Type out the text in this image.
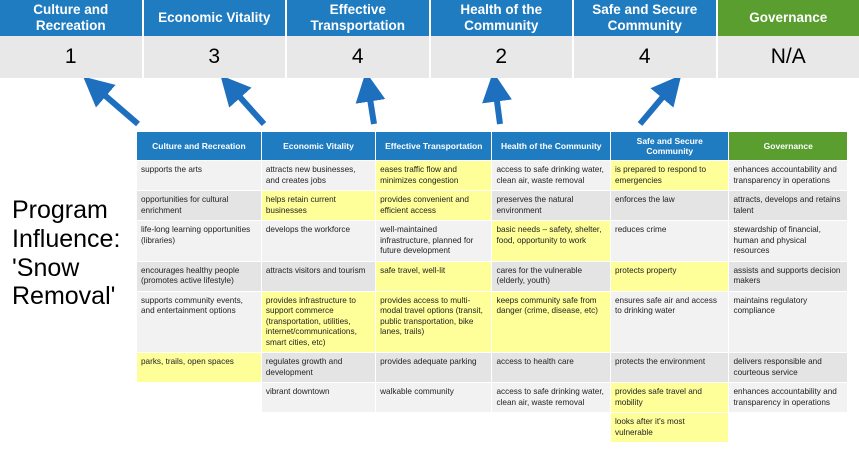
Culture and Recreation
Economic Vitality
Effective Transportation
Health of the Community
Safe and Secure Community
Governance
1	3	4	2	4	N/A
Program
Influence:
'Snow
Removal'
Culture and Recreation	Economic Vitality	Effective Transportation	Health of the Community	Safe and Secure Community	Governance
supports the arts	attracts new businesses, and creates jobs	eases traffic flow and minimizes congestion	access to safe drinking water, clean air, waste removal	is prepared to respond to emergencies	enhances accountability and transparency in operations
opportunities for cultural enrichment	helps retain current businesses	provides convenient and efficient access	preserves the natural environment	enforces the law	attracts, develops and retains talent
life-long learning opportunities (libraries)	develops the workforce	well-maintained infrastructure, planned for future development	basic needs – safety, shelter, food, opportunity to work	reduces crime	stewardship of financial, human and physical resources
encourages healthy people (promotes active lifestyle)	attracts visitors and tourism	safe travel, well-lit	cares for the vulnerable (elderly, youth)	protects property	assists and supports decision makers
supports community events, and entertainment options	provides infrastructure to support commerce (transportation, utilities, internet/communications, smart cities, etc)	provides access to multi-modal travel options (transit, public transportation, bike lanes, trails)	keeps community safe from danger (crime, disease, etc)	ensures safe air and access to drinking water	maintains regulatory compliance
parks, trails, open spaces	regulates growth and development	provides adequate parking	access to health care	protects the environment	delivers responsible and courteous service
	vibrant downtown	walkable community	access to safe drinking water, clean air, waste removal	provides safe travel and mobility	enhances accountability and transparency in operations
				looks after it's most vulnerable	
